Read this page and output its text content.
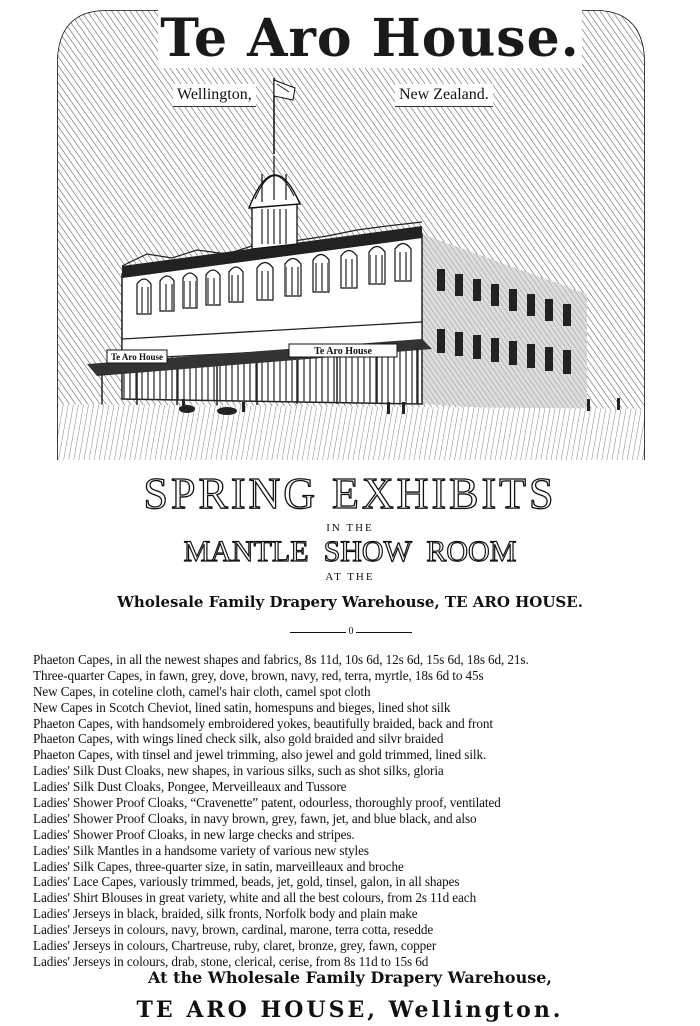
Te Aro House	Te Aro House
Te Aro House.
Wellington,	New Zealand.
SPRING EXHIBITS
IN THE
MANTLE  SHOW  ROOM
AT THE
Wholesale Family Drapery Warehouse, TE ARO HOUSE.
0
Phaeton Capes, in all the newest shapes and fabrics, 8s 11d, 10s 6d, 12s 6d, 15s 6d, 18s 6d, 21s.
Three-quarter Capes, in fawn, grey, dove, brown, navy, red, terra, myrtle, 18s 6d to 45s
New Capes, in coteline cloth, camel's hair cloth, camel spot cloth
New Capes in Scotch Cheviot, lined satin, homespuns and bieges, lined shot silk
Phaeton Capes, with handsomely embroidered yokes, beautifully braided, back and front
Phaeton Capes, with wings lined check silk, also gold braided and silvr braided
Phaeton Capes, with tinsel and jewel trimming, also jewel and gold trimmed, lined silk.
Ladies' Silk Dust Cloaks, new shapes, in various silks, such as shot silks, gloria
Ladies' Silk Dust Cloaks, Pongee, Merveilleaux and Tussore
Ladies' Shower Proof Cloaks, “Cravenette” patent, odourless, thoroughly proof, ventilated
Ladies' Shower Proof Cloaks, in navy brown, grey, fawn, jet, and blue black, and also
Ladies' Shower Proof Cloaks, in new large checks and stripes.
Ladies' Silk Mantles in a handsome variety of various new styles
Ladies' Silk Capes, three-quarter size, in satin, marveilleaux and broche
Ladies' Lace Capes, variously trimmed, beads, jet, gold, tinsel, galon, in all shapes
Ladies' Shirt Blouses in great variety, white and all the best colours, from 2s 11d each
Ladies' Jerseys in black, braided, silk fronts, Norfolk body and plain make
Ladies' Jerseys in colours, navy, brown, cardinal, marone, terra cotta, resedde
Ladies' Jerseys in colours, Chartreuse, ruby, claret, bronze, grey, fawn, copper
Ladies' Jerseys in colours, drab, stone, clerical, cerise, from 8s 11d to 15s 6d
At the Wholesale Family Drapery Warehouse,
TE ARO HOUSE, Wellington.
